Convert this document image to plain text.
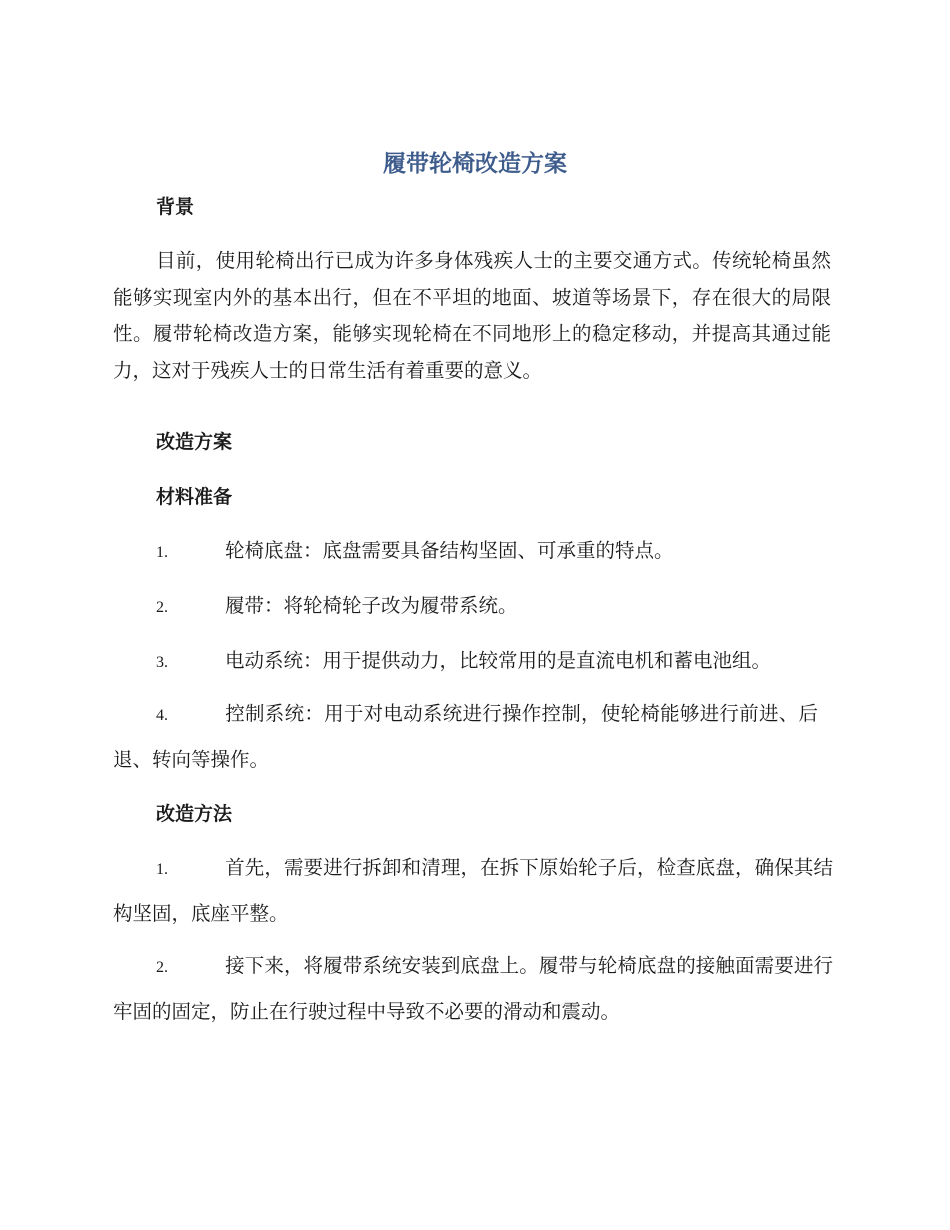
履带轮椅改造方案
背景

目前，使用轮椅出行已成为许多身体残疾人士的主要交通方式。传统轮椅虽然能够实现室内外的基本出行，但在不平坦的地面、坡道等场景下，存在很大的局限性。履带轮椅改造方案，能够实现轮椅在不同地形上的稳定移动，并提高其通过能力，这对于残疾人士的日常生活有着重要的意义。

改造方案
材料准备

1.	轮椅底盘：底盘需要具备结构坚固、可承重的特点。

2.	履带：将轮椅轮子改为履带系统。

3.	电动系统：用于提供动力，比较常用的是直流电机和蓄电池组。

4.	控制系统：用于对电动系统进行操作控制，使轮椅能够进行前进、后退、转向等操作。

改造方法

1.	首先，需要进行拆卸和清理，在拆下原始轮子后，检查底盘，确保其结构坚固，底座平整。

2.	接下来，将履带系统安装到底盘上。履带与轮椅底盘的接触面需要进行牢固的固定，防止在行驶过程中导致不必要的滑动和震动。
